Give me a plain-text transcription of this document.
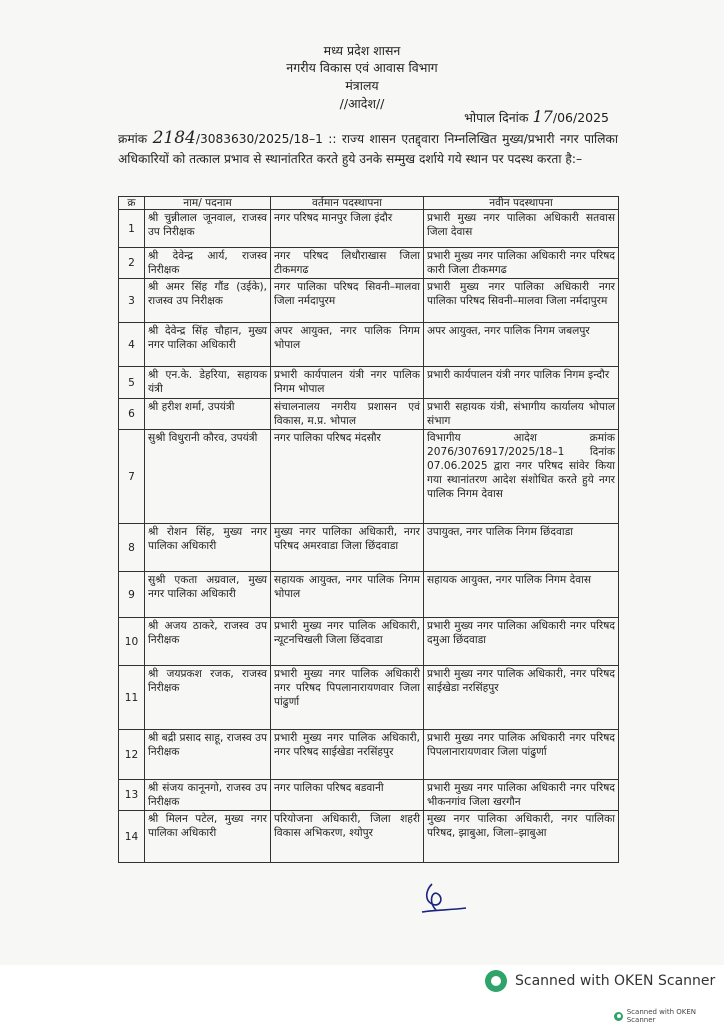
मध्य प्रदेश शासन
नगरीय विकास एवं आवास विभाग
मंत्रालय
//आदेश//
भोपाल दिनांक 17/06/2025
क्रमांक 2184/3083630/2025/18–1 :: राज्य शासन एतद्द्वारा निम्नलिखित मुख्य/प्रभारी नगर पालिका अधिकारियों को तत्काल प्रभाव से स्थानांतरित करते हुये उनके सम्मुख दर्शाये गये स्थान पर पदस्थ करता है:–
क्र	नाम/ पदनाम	वर्तमान पदस्थापना	नवीन पदस्थापना
1	श्री चुन्नीलाल जूनवाल, राजस्व उप निरीक्षक	नगर परिषद मानपुर जिला इंदौर	प्रभारी मुख्य नगर पालिका अधिकारी सतवास जिला देवास
2	श्री देवेन्द्र आर्य, राजस्व निरीक्षक	नगर परिषद लिधौराखास जिला टीकमगढ	प्रभारी मुख्य नगर पालिका अधिकारी नगर परिषद कारी जिला टीकमगढ
3	श्री अमर सिंह गौंड (उईके), राजस्व उप निरीक्षक	नगर पालिका परिषद सिवनी–मालवा जिला नर्मदापुरम	प्रभारी मुख्य नगर पालिका अधिकारी नगर पालिका परिषद सिवनी–मालवा जिला नर्मदापुरम
4	श्री देवेन्द्र सिंह चौहान, मुख्य नगर पालिका अधिकारी	अपर आयुक्त, नगर पालिक निगम भोपाल	अपर आयुक्त, नगर पालिक निगम जबलपुर
5	श्री एन.के. डेहरिया, सहायक यंत्री	प्रभारी कार्यपालन यंत्री नगर पालिक निगम भोपाल	प्रभारी कार्यपालन यंत्री नगर पालिक निगम इन्दौर
6	श्री हरीश शर्मा, उपयंत्री	संचालनालय नगरीय प्रशासन एवं विकास, म.प्र. भोपाल	प्रभारी सहायक यंत्री, संभागीय कार्यालय भोपाल संभाग
7	सुश्री विधुरानी कौरव, उपयंत्री	नगर पालिका परिषद मंदसौर	विभागीय आदेश क्रमांक 2076/3076917/2025/18–1 दिनांक 07.06.2025 द्वारा नगर परिषद सांवेर किया गया स्थानांतरण आदेश संशोधित करते हुये नगर पालिक निगम देवास
8	श्री रोशन सिंह, मुख्य नगर पालिका अधिकारी	मुख्य नगर पालिका अधिकारी, नगर परिषद अमरवाडा जिला छिंदवाडा	उपायुक्त, नगर पालिक निगम छिंदवाडा
9	सुश्री एकता अग्रवाल, मुख्य नगर पालिका अधिकारी	सहायक आयुक्त, नगर पालिक निगम भोपाल	सहायक आयुक्त, नगर पालिक निगम देवास
10	श्री अजय ठाकरे, राजस्व उप निरीक्षक	प्रभारी मुख्य नगर पालिक अधिकारी, न्यूटनचिखली जिला छिंदवाडा	प्रभारी मुख्य नगर पालिका अधिकारी नगर परिषद दमुआ छिंदवाडा
11	श्री जयप्रकश रजक, राजस्व निरीक्षक	प्रभारी मुख्य नगर पालिक अधिकारी नगर परिषद पिपलानारायणवार जिला पांढुर्णा	प्रभारी मुख्य नगर पालिक अधिकारी, नगर परिषद साईखेडा नरसिंहपुर
12	श्री बद्री प्रसाद साहू, राजस्व उप निरीक्षक	प्रभारी मुख्य नगर पालिक अधिकारी, नगर परिषद साईखेडा नरसिंहपुर	प्रभारी मुख्य नगर पालिक अधिकारी नगर परिषद पिपलानारायणवार जिला पांढुर्णा
13	श्री संजय कानूनगो, राजस्व उप निरीक्षक	नगर पालिका परिषद बडवानी	प्रभारी मुख्य नगर पालिका अधिकारी नगर परिषद भीकनगांव जिला खरगौन
14	श्री मिलन पटेल, मुख्य नगर पालिका अधिकारी	परियोजना अधिकारी, जिला शहरी विकास अभिकरण, श्योपुर	मुख्य नगर पालिका अधिकारी, नगर पालिका परिषद, झाबुआ, जिला–झाबुआ
Scanned with OKEN Scanner
Scanned with OKEN Scanner
